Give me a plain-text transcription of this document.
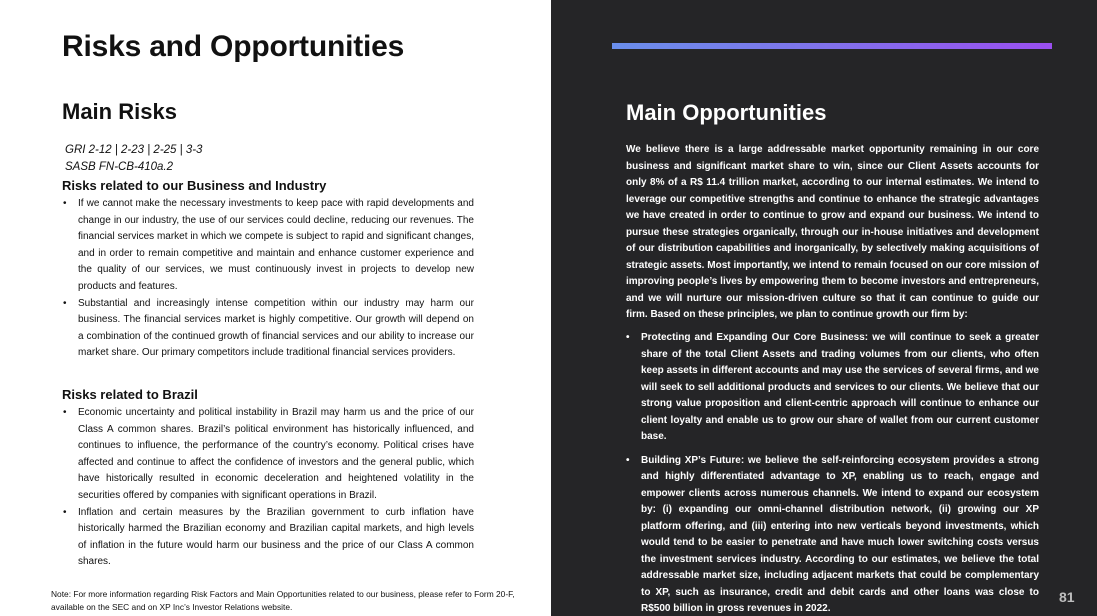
Risks and Opportunities
Main Risks
GRI 2-12 | 2-23 | 2-25 | 3-3
SASB FN-CB-410a.2
Risks related to our Business and Industry
• If we cannot make the necessary investments to keep pace with rapid developments and change in our industry, the use of our services could decline, reducing our revenues. The financial services market in which we compete is subject to rapid and significant changes, and in order to remain competitive and maintain and enhance customer experience and the quality of our services, we must continuously invest in projects to develop new products and features.
• Substantial and increasingly intense competition within our industry may harm our business. The financial services market is highly competitive. Our growth will depend on a combination of the continued growth of financial services and our ability to increase our market share. Our primary competitors include traditional financial services providers.
Risks related to Brazil
• Economic uncertainty and political instability in Brazil may harm us and the price of our Class A common shares. Brazil’s political environment has historically influenced, and continues to influence, the performance of the country’s economy. Political crises have affected and continue to affect the confidence of investors and the general public, which have historically resulted in economic deceleration and heightened volatility in the securities offered by companies with significant operations in Brazil.
• Inflation and certain measures by the Brazilian government to curb inflation have historically harmed the Brazilian economy and Brazilian capital markets, and high levels of inflation in the future would harm our business and the price of our Class A common shares.
Note: For more information regarding Risk Factors and Main Opportunities related to our business, please refer to Form 20-F, available on the SEC and on XP Inc’s Investor Relations website.
Main Opportunities

We believe there is a large addressable market opportunity remaining in our core business and significant market share to win, since our Client Assets accounts for only 8% of a R$ 11.4 trillion market, according to our internal estimates. We intend to leverage our competitive strengths and continue to enhance the strategic advantages we have created in order to continue to grow and expand our business. We intend to pursue these strategies organically, through our in-house initiatives and development of our distribution capabilities and inorganically, by selectively making acquisitions of strategic assets. Most importantly, we intend to remain focused on our core mission of improving people’s lives by empowering them to become investors and entrepreneurs, and we will nurture our mission-driven culture so that it can continue to guide our firm. Based on these principles, we plan to continue growth our firm by:

• Protecting and Expanding Our Core Business: we will continue to seek a greater share of the total Client Assets and trading volumes from our clients, who often keep assets in different accounts and may use the services of several firms, and we will seek to sell additional products and services to our clients. We believe that our strong value proposition and client-centric approach will continue to enhance our client loyalty and enable us to grow our share of wallet from our current customer base.
• Building XP’s Future: we believe the self-reinforcing ecosystem provides a strong and highly differentiated advantage to XP, enabling us to reach, engage and empower clients across numerous channels. We intend to expand our ecosystem by: (i) expanding our omni-channel distribution network, (ii) growing our XP platform offering, and (iii) entering into new verticals beyond investments, which would tend to be easier to penetrate and have much lower switching costs versus the investment services industry. According to our estimates, we believe the total addressable market size, including adjacent markets that could be complementary to XP, such as insurance, credit and debit cards and other loans was close to R$500 billion in gross revenues in 2022.
81
